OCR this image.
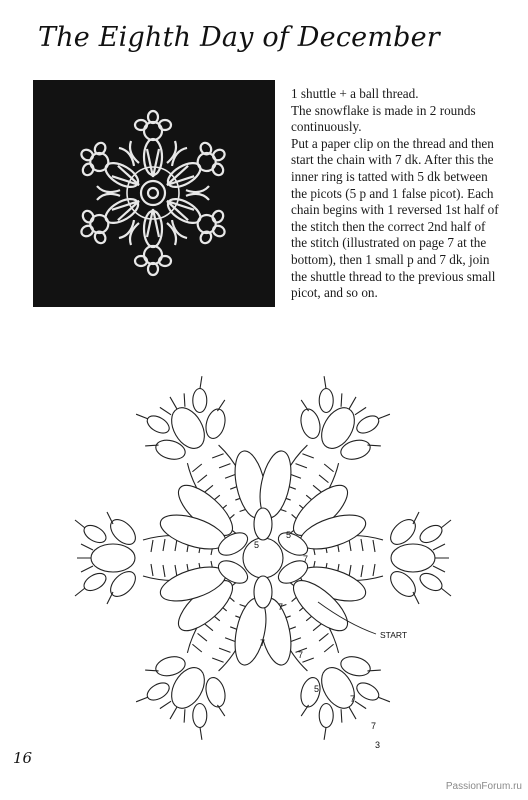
The Eighth Day of December

1 shuttle + a ball thread.

The snowflake is made in 2 rounds continuously.

Put a paper clip on the thread and then start the chain with 7 dk. After this the inner ring is tatted with 5 dk between the picots (5 p and 1 false picot). Each chain begins with 1 reversed 1st half of the stitch then the correct 2nd half of the stitch (illustrated on page 7 at the bottom), then 1 small p and 7 dk, join the shuttle thread to the previous small picot, and so on.

START
5
5
7
7
7
7
5
7
7
3
16
PassionForum.ru
